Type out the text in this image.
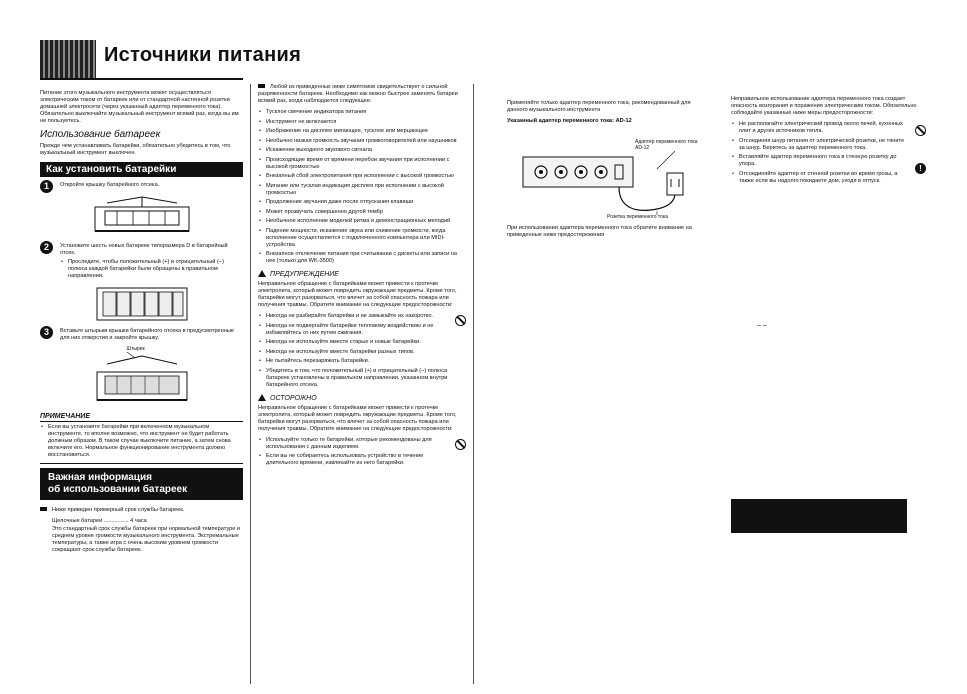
Источники питания

Питание этого музыкального инструмента может осуществляться электрическим током от батареек или от стандартной настенной розетки домашней электросети (через указанный адаптер переменного тока). Обязательно выключайте музыкальный инструмент всякий раз, когда вы им не пользуетесь.

Использование батареек

Прежде чем устанавливать батарейки, обязательно убедитесь в том, что музыкальный инструмент выключен.

Как установить батарейки
1	Откройте крышку батарейного отсека.
2	Установите шесть новых батареек типоразмера D в батарейный отсек.
• Проследите, чтобы положительный (+) и отрицательный (−) полюса каждой батарейки были обращены в правильном направлении.
3	Вставьте штырьки крышки батарейного отсека в предусмотренные для них отверстия и закройте крышку.
Штырек
ПРИМЕЧАНИЕ
• Если вы установите батарейки при включенном музыкальном инструменте, то вполне возможно, что инструмент не будет работать должным образом. В таком случае выключите питание, а затем снова включите его. Нормальное функционирование инструмента должно восстановиться.
Важная информация
об использовании батареек

Ниже приведен примерный срок службы батареек.

Щелочные батареи ................ 4 часа

Это стандартный срок службы батареек при нормальной температуре и среднем уровне громкости музыкального инструмента. Экстремальные температуры, а также игра с очень высоким уровнем громкости сокращают срок службы батареек.

Любой из приведенных ниже симптомов свидетельствует о сильной разряженности батареек. Необходимо как можно быстрее заменять батареи всякий раз, когда наблюдается следующее:

• Тусклое свечение индикатора питания
• Инструмент не включается
• Изображение на дисплее мигающее, тусклое или мерцающее
• Необычно низкая громкость звучания громкоговорителей или наушников
• Искажение выходного звукового сигнала
• Происходящие время от времени перебои звучания при исполнении с высокой громкостью
• Внезапный сбой электропитания при исполнении с высокой громкостью
• Мигание или тусклая индикация дисплея при исполнении с высокой громкостью
• Продолжение звучания даже после отпускания клавиши
• Может прозвучать совершенно другой тембр
• Необычное исполнение моделей ритма и демонстрационных мелодий
• Падение мощности, искажение звука или снижение громкости, когда исполнение осуществляется с подключенного компьютера или MIDI-устройства
• Внезапное отключение питания при считывании с дискеты или записи на нее (только для WK-3500)
ПРЕДУПРЕЖДЕНИЕ

Неправильное обращение с батарейками может привести к протечке электролита, который может повредить окружающие предметы. Кроме того, батарейки могут разорваться, что влечет за собой опасность пожара или получения травмы. Обратите внимание на следующие предосторожности:

• Никогда не разбирайте батарейки и не замыкайте их накоротко.
• Никогда не подвергайте батарейки тепловому воздействию и не избавляйтесь от них путем сжигания.
• Никогда не используйте вместе старые и новые батарейки.
• Никогда не используйте вместе батарейки разных типов.
• Не пытайтесь перезаряжать батарейки.
• Убедитесь в том, что положительный (+) и отрицательный (−) полюса батареек установлены в правильном направлении, указанном внутри батарейного отсека.
ОСТОРОЖНО

Неправильное обращение с батарейками может привести к протечке электролита, который может повредить окружающие предметы. Кроме того, батарейки могут разорваться, что влечет за собой опасность пожара или получения травмы. Обратите внимание на следующие предосторожности:

• Используйте только те батарейки, которые рекомендованы для использования с данным изделием.
• Если вы не собираетесь использовать устройство в течение длительного времени, извлекайте из него батарейки.

Применяйте только адаптер переменного тока, рекомендованный для данного музыкального инструмента

Указанный адаптер переменного тока: AD-12

Адаптер переменного тока AD-12
Розетка переменного тока

При использовании адаптера переменного тока обратите внимание на приведенные ниже предостережения

Неправильное использование адаптера переменного тока создает опасность возгорания и поражения электрическим током. Обязательно соблюдайте указанные ниже меры предосторожности:

!
• Не располагайте электрический провод около печей, кухонных плит и других источников тепла.
• Отсоединяя шнур питания от электрической розетки, не тяните за шнур. Беритесь за адаптер переменного тока.
• Вставляйте адаптер переменного тока в стенную розетку до упора.
• Отсоединяйте адаптер от стенной розетки во время грозы, а также если вы надолго покидаете дом, уходя в отпуск.
– –
